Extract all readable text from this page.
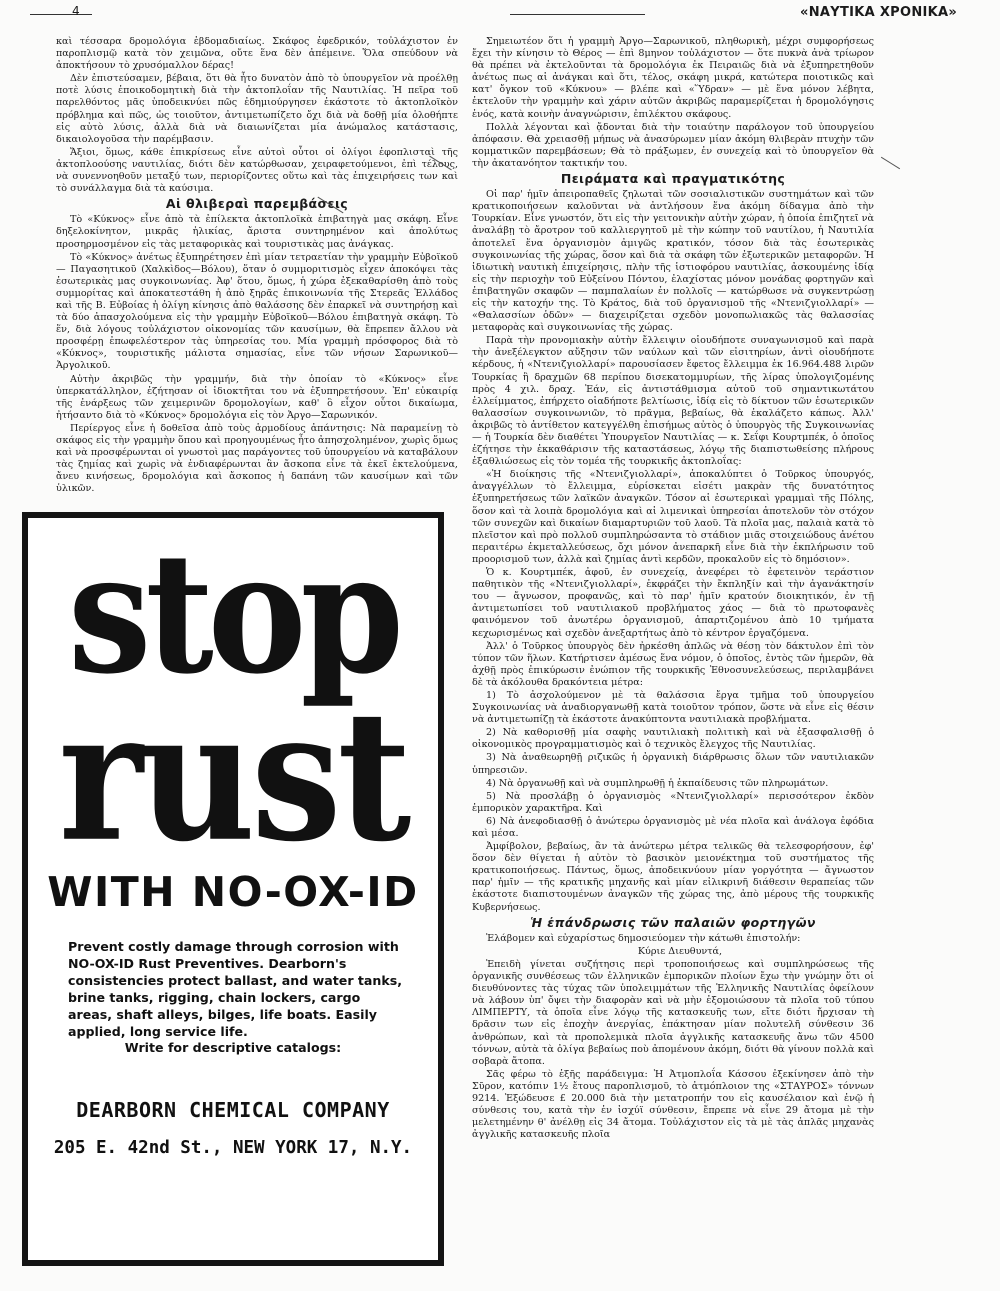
4	«ΝΑΥΤΙΚΑ ΧΡΟΝΙΚΑ»

καὶ τέσσαρα δρομολόγια ἑβδομαδιαίως. Σκάφος ἐφεδρικόν, τοὐλάχιστον ἐν παροπλισμῷ κατὰ τὸν χειμῶνα, οὔτε ἕνα δὲν ἀπέμεινε. Ὅλα σπεύδουν νὰ ἀποκτήσουν τὸ χρυσόμαλλον δέρας!

Δὲν ἐπιστεύσαμεν, βέβαια, ὅτι θὰ ἦτο δυνατὸν ἀπὸ τὸ ὑπουργεῖον νὰ προέλθῃ ποτὲ λύσις ἐποικοδομητικὴ διὰ τὴν ἀκτοπλοΐαν τῆς Ναυτιλίας. Ἡ πεῖρα τοῦ παρελθόντος μᾶς ὑποδεικνύει πῶς ἐδημιούργησεν ἐκάστοτε τὸ ἀκτοπλοϊκὸν πρόβλημα καὶ πῶς, ὡς τοιοῦτον, ἀντιμετωπίζετο ὄχι διὰ νὰ δοθῇ μία ὁλοθήπτε εἰς αὐτὸ λύσις, ἀλλὰ διὰ νὰ διαιωνίζεται μία ἀνώμαλος κατάστασις, δικαιολογοῦσα τὴν παρέμβασιν.

Ἄξιοι, ὅμως, κάθε ἐπικρίσεως εἶνε αὐτοὶ οὗτοι οἱ ὀλίγοι ἐφοπλισταὶ τῆς ἀκτοπλοούσης ναυτιλίας, διότι δὲν κατώρθωσαν, χειραφετούμενοι, ἐπὶ τέλους, νὰ συνεννοηθοῦν μεταξύ των, περιορίζοντες οὕτω καὶ τὰς ἐπιχειρήσεις των καὶ τὸ συνάλλαγμα διὰ τὰ καύσιμα.

Αἱ θλιβεραὶ παρεμβάσεις

Τὸ «Κύκνος» εἶνε ἀπὸ τὰ ἐπίλεκτα ἀκτοπλοϊκὰ ἐπιβατηγὰ μας σκάφη. Εἶνε δηξελοκίνητον, μικρᾶς ἡλικίας, ἄριστα συντηρημένον καὶ ἀπολύτως προσηρμοσμένον εἰς τὰς μεταφορικὰς καὶ τουριστικὰς μας ἀνάγκας.

Τὸ «Κύκνος» ἀνέτως ἐξυπηρέτησεν ἐπὶ μίαν τετραετίαν τὴν γραμμὴν Εὐβοϊκοῦ — Παγασητικοῦ (Χαλκὶδος—Βόλου), ὅταν ὁ συμμοριτισμὸς εἶχεν ἀποκόψει τὰς ἐσωτερικὰς μας συγκοινωνίας. Ἀφ' ὅτου, ὅμως, ἡ χώρα ἐξεκαθαρίσθη ἀπὸ τοὺς συμμορίτας καὶ ἀποκατεστάθη ἡ ἀπὸ ξηρᾶς ἐπικοινωνία τῆς Στερεᾶς Ἑλλάδος καὶ τῆς Β. Εὐβοίας ἡ ὀλίγη κίνησις ἀπὸ θαλάσσης δὲν ἐπαρκεῖ νὰ συντηρήσῃ καὶ τὰ δύο ἀπασχολούμενα εἰς τὴν γραμμὴν Εὐβοϊκοῦ—Βόλου ἐπιβατηγὰ σκάφη. Τὸ ἕν, διὰ λόγους τοὐλάχιστον οἰκονομίας τῶν καυσίμων, θὰ ἔπρεπεν ἄλλου νὰ προσφέρῃ ἐπωφελέστερον τὰς ὑπηρεσίας του. Μία γραμμὴ πρόσφορος διὰ τὸ «Κύκνος», τουριστικῆς μάλιστα σημασίας, εἶνε τῶν νήσων Σαρωνικοῦ—Ἀργολικοῦ.

Αὐτὴν ἀκριβῶς τὴν γραμμήν, διὰ τὴν ὁποίαν τὸ «Κύκνος» εἶνε ὑπερκατάλληλον, ἐζήτησαν οἱ ἰδιοκτῆται του νὰ ἐξυπηρετήσουν. Ἐπ' εὐκαιρίᾳ τῆς ἐνάρξεως τῶν χειμερινῶν δρομολογίων, καθ' ὃ εἶχον οὗτοι δικαίωμα, ἠτήσαντο διὰ τὸ «Κύκνος» δρομολόγια εἰς τὸν Ἀργο—Σαρωνικόν.

Περίεργος εἶνε ἡ δοθεῖσα ἀπὸ τοὺς ἁρμοδίους ἀπάντησις: Νὰ παραμείνῃ τὸ σκάφος εἰς τὴν γραμμὴν ὅπου καὶ προηγουμένως ἦτο ἀπησχολημένον, χωρὶς ὅμως καὶ νὰ προσφέρωνται οἱ γνωστοὶ μας παράγοντες τοῦ ὑπουργείου νὰ καταβάλουν τὰς ζημίας καὶ χωρὶς νὰ ἐνδιαφέρωνται ἂν ἄσκοπα εἶνε τὰ ἐκεῖ ἐκτελούμενα, ἄνευ κινήσεως, δρομολόγια καὶ ἄσκοπος ἡ δαπάνη τῶν καυσίμων καὶ τῶν ὑλικῶν.

stop
rust
WITH NO-OX-ID
Prevent costly damage through corrosion with NO-OX-ID Rust Preventives. Dearborn's consistencies protect ballast, and water tanks, brine tanks, rigging, chain lockers, cargo areas, shaft alleys, bilges, life boats. Easily applied, long service life.
Write for descriptive catalogs:
DEARBORN CHEMICAL COMPANY
205 E. 42nd St., NEW YORK 17, N.Y.

Σημειωτέον ὅτι ἡ γραμμὴ Ἀργο—Σαρωνικοῦ, πληθωρικὴ, μέχρι συμφορήσεως ἔχει τὴν κίνησιν τὸ Θέρος — ἐπὶ 8μηνον τοὐλάχιστον — ὅτε πυκνὰ ἀνὰ τρίωρον θὰ πρέπει νὰ ἐκτελοῦνται τὰ δρομολόγια ἐκ Πειραιῶς διὰ νὰ ἐξυπηρετηθοῦν ἀνέτως πως αἱ ἀνάγκαι καὶ ὅτι, τέλος, σκάφη μικρά, κατώτερα ποιοτικῶς καὶ κατ' ὄγκον τοῦ «Κύκνου» — βλέπε καὶ «Ὕδραν» — μὲ ἕνα μόνον λέβητα, ἐκτελοῦν τὴν γραμμὴν καὶ χάριν αὐτῶν ἀκριβῶς παραμερίζεται ἡ δρομολόγησις ἑνός, κατὰ κοινὴν ἀναγνώρισιν, ἐπιλέκτου σκάφους.

Πολλὰ λέγονται καὶ ᾄδονται διὰ τὴν τοιαύτην παράλογον τοῦ ὑπουργείου ἀπόφασιν. Θὰ χρειασθῇ μήπως νὰ ἀνασύρωμεν μίαν ἀκόμη θλιβερὰν πτυχὴν τῶν κομματικῶν παρεμβάσεων; Θὰ τὸ πράξωμεν, ἐν συνεχείᾳ καὶ τὸ ὑπουργεῖον θὰ τὴν ἀκατανόητον τακτικήν του.

Πειράματα καὶ πραγματικότης

Οἱ παρ' ἡμῖν ἀπειροπαθεῖς ζηλωταὶ τῶν σοσιαλιστικῶν συστημάτων καὶ τῶν κρατικοποιήσεων καλοῦνται νὰ ἀντλήσουν ἕνα ἀκόμη δίδαγμα ἀπὸ τὴν Τουρκίαν. Εἶνε γνωστόν, ὅτι εἰς τὴν γειτονικὴν αὐτὴν χώραν, ἡ ὁποία ἐπιζητεῖ νὰ ἀναλάβῃ τὸ ἄροτρον τοῦ καλλιεργητοῦ μὲ τὴν κώπην τοῦ ναυτίλου, ἡ Ναυτιλία ἀποτελεῖ ἕνα ὀργανισμὸν ἀμιγῶς κρατικόν, τόσον διὰ τὰς ἐσωτερικὰς συγκοινωνίας τῆς χώρας, ὅσον καὶ διὰ τὰ σκάφη τῶν ἐξωτερικῶν μεταφορῶν. Ἡ ἰδιωτικὴ ναυτικὴ ἐπιχείρησις, πλὴν τῆς ἱστιοφόρου ναυτιλίας, ἀσκουμένης ἰδίᾳ εἰς τὴν περιοχὴν τοῦ Εὐξείνου Πόντου, ἐλαχίστας μόνον μονάδας φορτηγῶν καὶ ἐπιβατηγῶν σκαφῶν — παμπαλαίων ἐν πολλοῖς — κατώρθωσε νὰ συγκεντρώσῃ εἰς τὴν κατοχήν της. Τὸ Κράτος, διὰ τοῦ ὀργανισμοῦ τῆς «Ντενιζγιολλαρί» — «Θαλασσίων ὁδῶν» — διαχειρίζεται σχεδὸν μονοπωλιακῶς τὰς θαλασσίας μεταφορὰς καὶ συγκοινωνίας τῆς χώρας.

Παρὰ τὴν προνομιακὴν αὐτὴν ἔλλειψιν οἱουδήποτε συναγωνισμοῦ καὶ παρὰ τὴν ἀνεξέλεγκτον αὔξησιν τῶν ναύλων καὶ τῶν εἰσιτηρίων, ἀντὶ οἱουδήποτε κέρδους, ἡ «Ντενιζγιολλαρί» παρουσίασεν ἔφετος ἔλλειμμα ἐκ 16.964.488 λιρῶν Τουρκίας ἢ δραχμῶν 68 περίπου δισεκατομμυρίων, τῆς λίρας ὑπολογιζομένης πρὸς 4 χιλ. δραχ. Ἐάν, εἰς ἀντιστάθμισμα αὐτοῦ τοῦ σημαντικωτάτου ἐλλείμματος, ἐπήρχετο οἱαδήποτε βελτίωσις, ἰδίᾳ εἰς τὸ δίκτυον τῶν ἐσωτερικῶν θαλασσίων συγκοινωνιῶν, τὸ πρᾶγμα, βεβαίως, θὰ ἐκαλάζετο κάπως. Ἀλλ' ἀκριβῶς τὸ ἀντίθετον κατεγγέλθη ἐπισήμως αὐτὸς ὁ ὑπουργὸς τῆς Συγκοινωνίας — ἡ Τουρκία δὲν διαθέτει Ὑπουργεῖον Ναυτιλίας — κ. Σεΐφι Κουρτμπέκ, ὁ ὁποῖος ἐζήτησε τὴν ἐκκαθάρισιν τῆς καταστάσεως, λόγῳ τῆς διαπιστωθείσης πλήρους ἐξαθλιώσεως εἰς τὸν τομέα τῆς τουρκικῆς ἀκτοπλοΐας:

«Ἡ διοίκησις τῆς «Ντενιζγιολλαρί», ἀποκαλύπτει ὁ Τοῦρκος ὑπουργός, ἀναγγέλλων τὸ ἔλλειμμα, εὑρίσκεται εἰσέτι μακρὰν τῆς δυνατότητος ἐξυπηρετήσεως τῶν λαϊκῶν ἀναγκῶν. Τόσον αἱ ἐσωτερικαὶ γραμμαὶ τῆς Πόλης, ὅσον καὶ τὰ λοιπὰ δρομολόγια καὶ αἱ λιμενικαὶ ὑπηρεσίαι ἀποτελοῦν τὸν στόχον τῶν συνεχῶν καὶ δικαίων διαμαρτυριῶν τοῦ λαοῦ. Τὰ πλοῖα μας, παλαιὰ κατὰ τὸ πλεῖστον καὶ πρὸ πολλοῦ συμπληρώσαντα τὸ στάδιον μιᾶς στοιχειώδους ἀνέτου περαιτέρω ἐκμεταλλεύσεως, ὄχι μόνον ἀνεπαρκῆ εἶνε διὰ τὴν ἐκπλήρωσιν τοῦ προορισμοῦ των, ἀλλὰ καὶ ζημίας ἀντὶ κερδῶν, προκαλοῦν εἰς τὸ δημόσιον».

Ὁ κ. Κουρτμπέκ, ἀφοῦ, ἐν συνεχείᾳ, ἀνεφέρει τὸ ἐφετεινὸν τεράστιον παθητικὸν τῆς «Ντενιζγιολλαρί», ἐκφράζει τὴν ἔκπληξίν καὶ τὴν ἀγανάκτησίν του — ἄγνωσον, προφανῶς, καὶ τὸ παρ' ἡμῖν κρατούν διοικητικόν, ἐν τῇ ἀντιμετωπίσει τοῦ ναυτιλιακοῦ προβλήματος χάος — διὰ τὸ πρωτοφανὲς φαινόμενον τοῦ ἀνωτέρω ὀργανισμοῦ, ἀπαρτιζομένου ἀπὸ 10 τμήματα κεχωρισμένως καὶ σχεδὸν ἀνεξαρτήτως ἀπὸ τὸ κέντρον ἐργαζόμενα.

Ἀλλ' ὁ Τοῦρκος ὑπουργὸς δὲν ἠρκέσθη ἁπλῶς νὰ θέσῃ τὸν δάκτυλον ἐπὶ τὸν τύπον τῶν ἥλων. Κατήρτισεν ἀμέσως ἕνα νόμον, ὁ ὁποῖος, ἐντὸς τῶν ἡμερῶν, θὰ ἀχθῇ πρὸς ἐπικύρωσιν ἐνώπιον τῆς τουρκικῆς Ἐθνοσυνελεύσεως, περιλαμβάνει δὲ τὰ ἀκόλουθα δρακόντεια μέτρα:

1) Τὸ ἀσχολούμενον μὲ τὰ θαλάσσια ἔργα τμῆμα τοῦ ὑπουργείου Συγκοινωνίας νὰ ἀναδιοργανωθῇ κατὰ τοιοῦτον τρόπον, ὥστε νὰ εἶνε εἰς θέσιν νὰ ἀντιμετωπίζῃ τὰ ἑκάστοτε ἀνακύπτοντα ναυτιλιακὰ προβλήματα.

2) Νὰ καθορισθῇ μία σαφὴς ναυτιλιακὴ πολιτικὴ καὶ νὰ ἐξασφαλισθῇ ὁ οἰκονομικὸς προγραμματισμὸς καὶ ὁ τεχνικὸς ἔλεγχος τῆς Ναυτιλίας.

3) Νὰ ἀναθεωρηθῇ ριζικῶς ἡ ὀργανικὴ διάρθρωσις ὅλων τῶν ναυτιλιακῶν ὑπηρεσιῶν.

4) Νὰ ὀργανωθῇ καὶ νὰ συμπληρωθῇ ἡ ἐκπαίδευσις τῶν πληρωμάτων.

5) Νὰ προσλάβῃ ὁ ὀργανισμὸς «Ντενιζγιολλαρί» περισσότερον ἐκδὸν ἐμπορικὸν χαρακτῆρα. Καὶ

6) Νὰ ἀνεφοδιασθῇ ὁ ἀνώτερω ὀργανισμὸς μὲ νέα πλοῖα καὶ ἀνάλογα ἐφόδια καὶ μέσα.

Ἀμφίβολον, βεβαίως, ἂν τὰ ἀνώτερω μέτρα τελικῶς θὰ τελεσφορήσουν, ἐφ' ὅσον δὲν θίγεται ἡ αὐτὸν τὸ βασικὸν μειονέκτημα τοῦ συστήματος τῆς κρατικοποιήσεως. Πάντως, ὅμως, ἀποδεικνύουν μίαν γοργότητα — ἄγνωστον παρ' ἡμῖν — τῆς κρατικῆς μηχανῆς καὶ μίαν εἰλικρινῆ διάθεσιν θεραπείας τῶν ἑκάστοτε διαπιστουμένων ἀναγκῶν τῆς χώρας της, ἀπὸ μέρους τῆς τουρκικῆς Κυβερνήσεως.

Ἡ ἐπάνδρωσις τῶν παλαιῶν φορτηγῶν

Ἐλάβομεν καὶ εὐχαρίστως δημοσιεύομεν τὴν κάτωθι ἐπιστολήν:

Κύριε Διευθυντά,

Ἐπειδὴ γίνεται συζήτησις περὶ τροποποιήσεως καὶ συμπληρώσεως τῆς ὀργανικῆς συνθέσεως τῶν ἑλληνικῶν ἐμπορικῶν πλοίων ἔχω τὴν γνώμην ὅτι οἱ διευθύνοντες τὰς τύχας τῶν ὑπολειμμάτων τῆς Ἑλληνικῆς Ναυτιλίας ὀφείλουν νὰ λάβουν ὑπ' ὄψει τὴν διαφορὰν καὶ νὰ μὴν ἐξομοιώσουν τὰ πλοῖα τοῦ τύπου ΛΙΜΠΕΡΤΥ, τὰ ὁποῖα εἶνε λόγῳ τῆς κατασκευῆς των, εἴτε διότι ἤρχισαν τὴ δρᾶσιν των εἰς ἐποχὴν ἀνεργίας, ἐπάκτησαν μίαν πολυτελῆ σύνθεσιν 36 ἀνθρώπων, καὶ τὰ προπολεμικὰ πλοῖα ἀγγλικῆς κατασκευῆς ἄνω τῶν 4500 τόννων, αὐτὰ τὰ ὀλίγα βεβαίως ποὺ ἀπομένουν ἀκόμη, διότι θὰ γίνουν πολλὰ καὶ σοβαρὰ ἄτοπα.

Σᾶς φέρω τὸ ἑξῆς παράδειγμα: Ἡ Ἀτμοπλοΐα Κάσσου ἐξεκίνησεν ἀπὸ τὴν Σῦρον, κατόπιν 1½ ἔτους παροπλισμοῦ, τὸ ἀτμόπλοιον της «ΣΤΑΥΡΟΣ» τόννων 9214. Ἐξώδευσε £ 20.000 διὰ τὴν μετατροπήν του εἰς καυσέλαιον καὶ ἐνῷ ἡ σύνθεσις του, κατὰ τὴν ἐν ἰσχύϊ σύνθεσιν, ἔπρεπε νὰ εἶνε 29 ἄτομα μὲ τὴν μελετημένην θ' ἀνέλθῃ εἰς 34 ἄτομα. Τοὐλάχιστον εἰς τὰ μὲ τὰς ἁπλᾶς μηχανὰς ἀγγλικῆς κατασκευῆς πλοῖα
